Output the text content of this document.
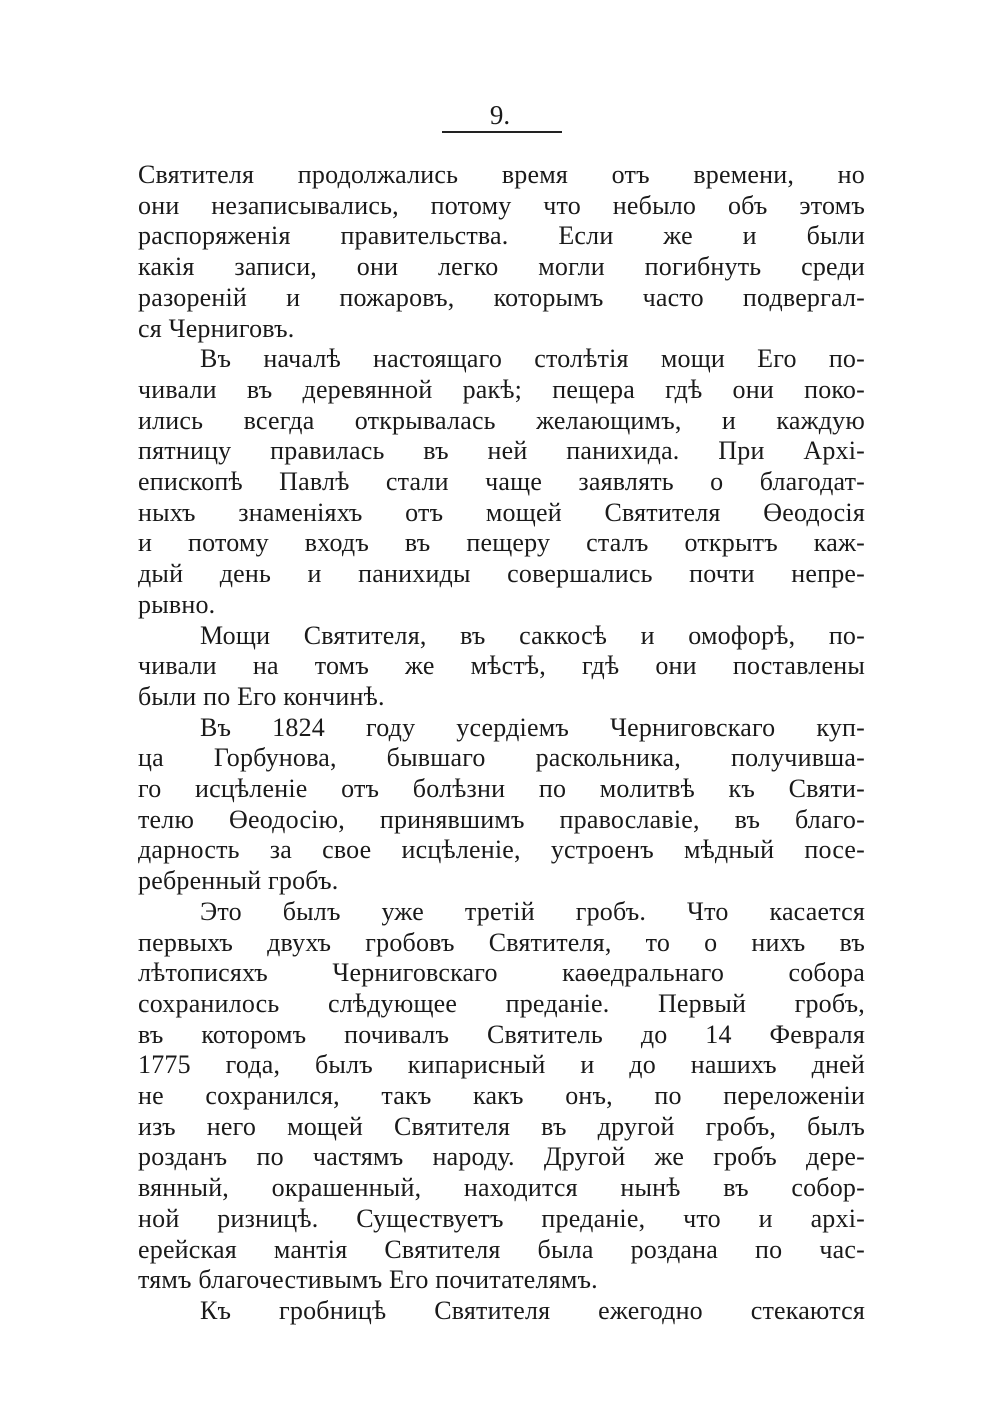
9.
Святителя продолжались время отъ времени, но
они незаписывались, потому что небыло объ этомъ
распоряженія правительства. Если же и были
какія записи, они легко могли погибнуть среди
разореній и пожаровъ, которымъ часто подвергал-
ся Черниговъ.
Въ началѣ настоящаго столѣтія мощи Его по-
чивали въ деревянной ракѣ; пещера гдѣ они поко-
ились всегда открывалась желающимъ, и каждую
пятницу правилась въ ней панихида. При Архі-
епископѣ Павлѣ стали чаще заявлять о благодат-
ныхъ знаменіяхъ отъ мощей Святителя Өеодосія
и потому входъ въ пещеру сталъ открытъ каж-
дый день и панихиды совершались почти непре-
рывно.
Мощи Святителя, въ саккосѣ и омофорѣ, по-
чивали на томъ же мѣстѣ, гдѣ они поставлены
были по Его кончинѣ.
Въ 1824 году усердіемъ Черниговскаго куп-
ца Горбунова, бывшаго раскольника, получивша-
го исцѣленіе отъ болѣзни по молитвѣ къ Святи-
телю Өеодосію, принявшимъ православіе, въ благо-
дарность за свое исцѣленіе, устроенъ мѣдный посе-
ребренный гробъ.
Это былъ уже третій гробъ. Что касается
первыхъ двухъ гробовъ Святителя, то о нихъ въ
лѣтописяхъ Черниговскаго каөедральнаго собора
сохранилось слѣдующее преданіе. Первый гробъ,
въ которомъ почивалъ Святитель до 14 Февраля
1775 года, былъ кипарисный и до нашихъ дней
не сохранился, такъ какъ онъ, по переложеніи
изъ него мощей Святителя въ другой гробъ, былъ
розданъ по частямъ народу. Другой же гробъ дере-
вянный, окрашенный, находится нынѣ въ собор-
ной ризницѣ. Существуетъ преданіе, что и архі-
ерейская мантія Святителя была роздана по час-
тямъ благочестивымъ Его почитателямъ.
Къ гробницѣ Святителя ежегодно стекаются
